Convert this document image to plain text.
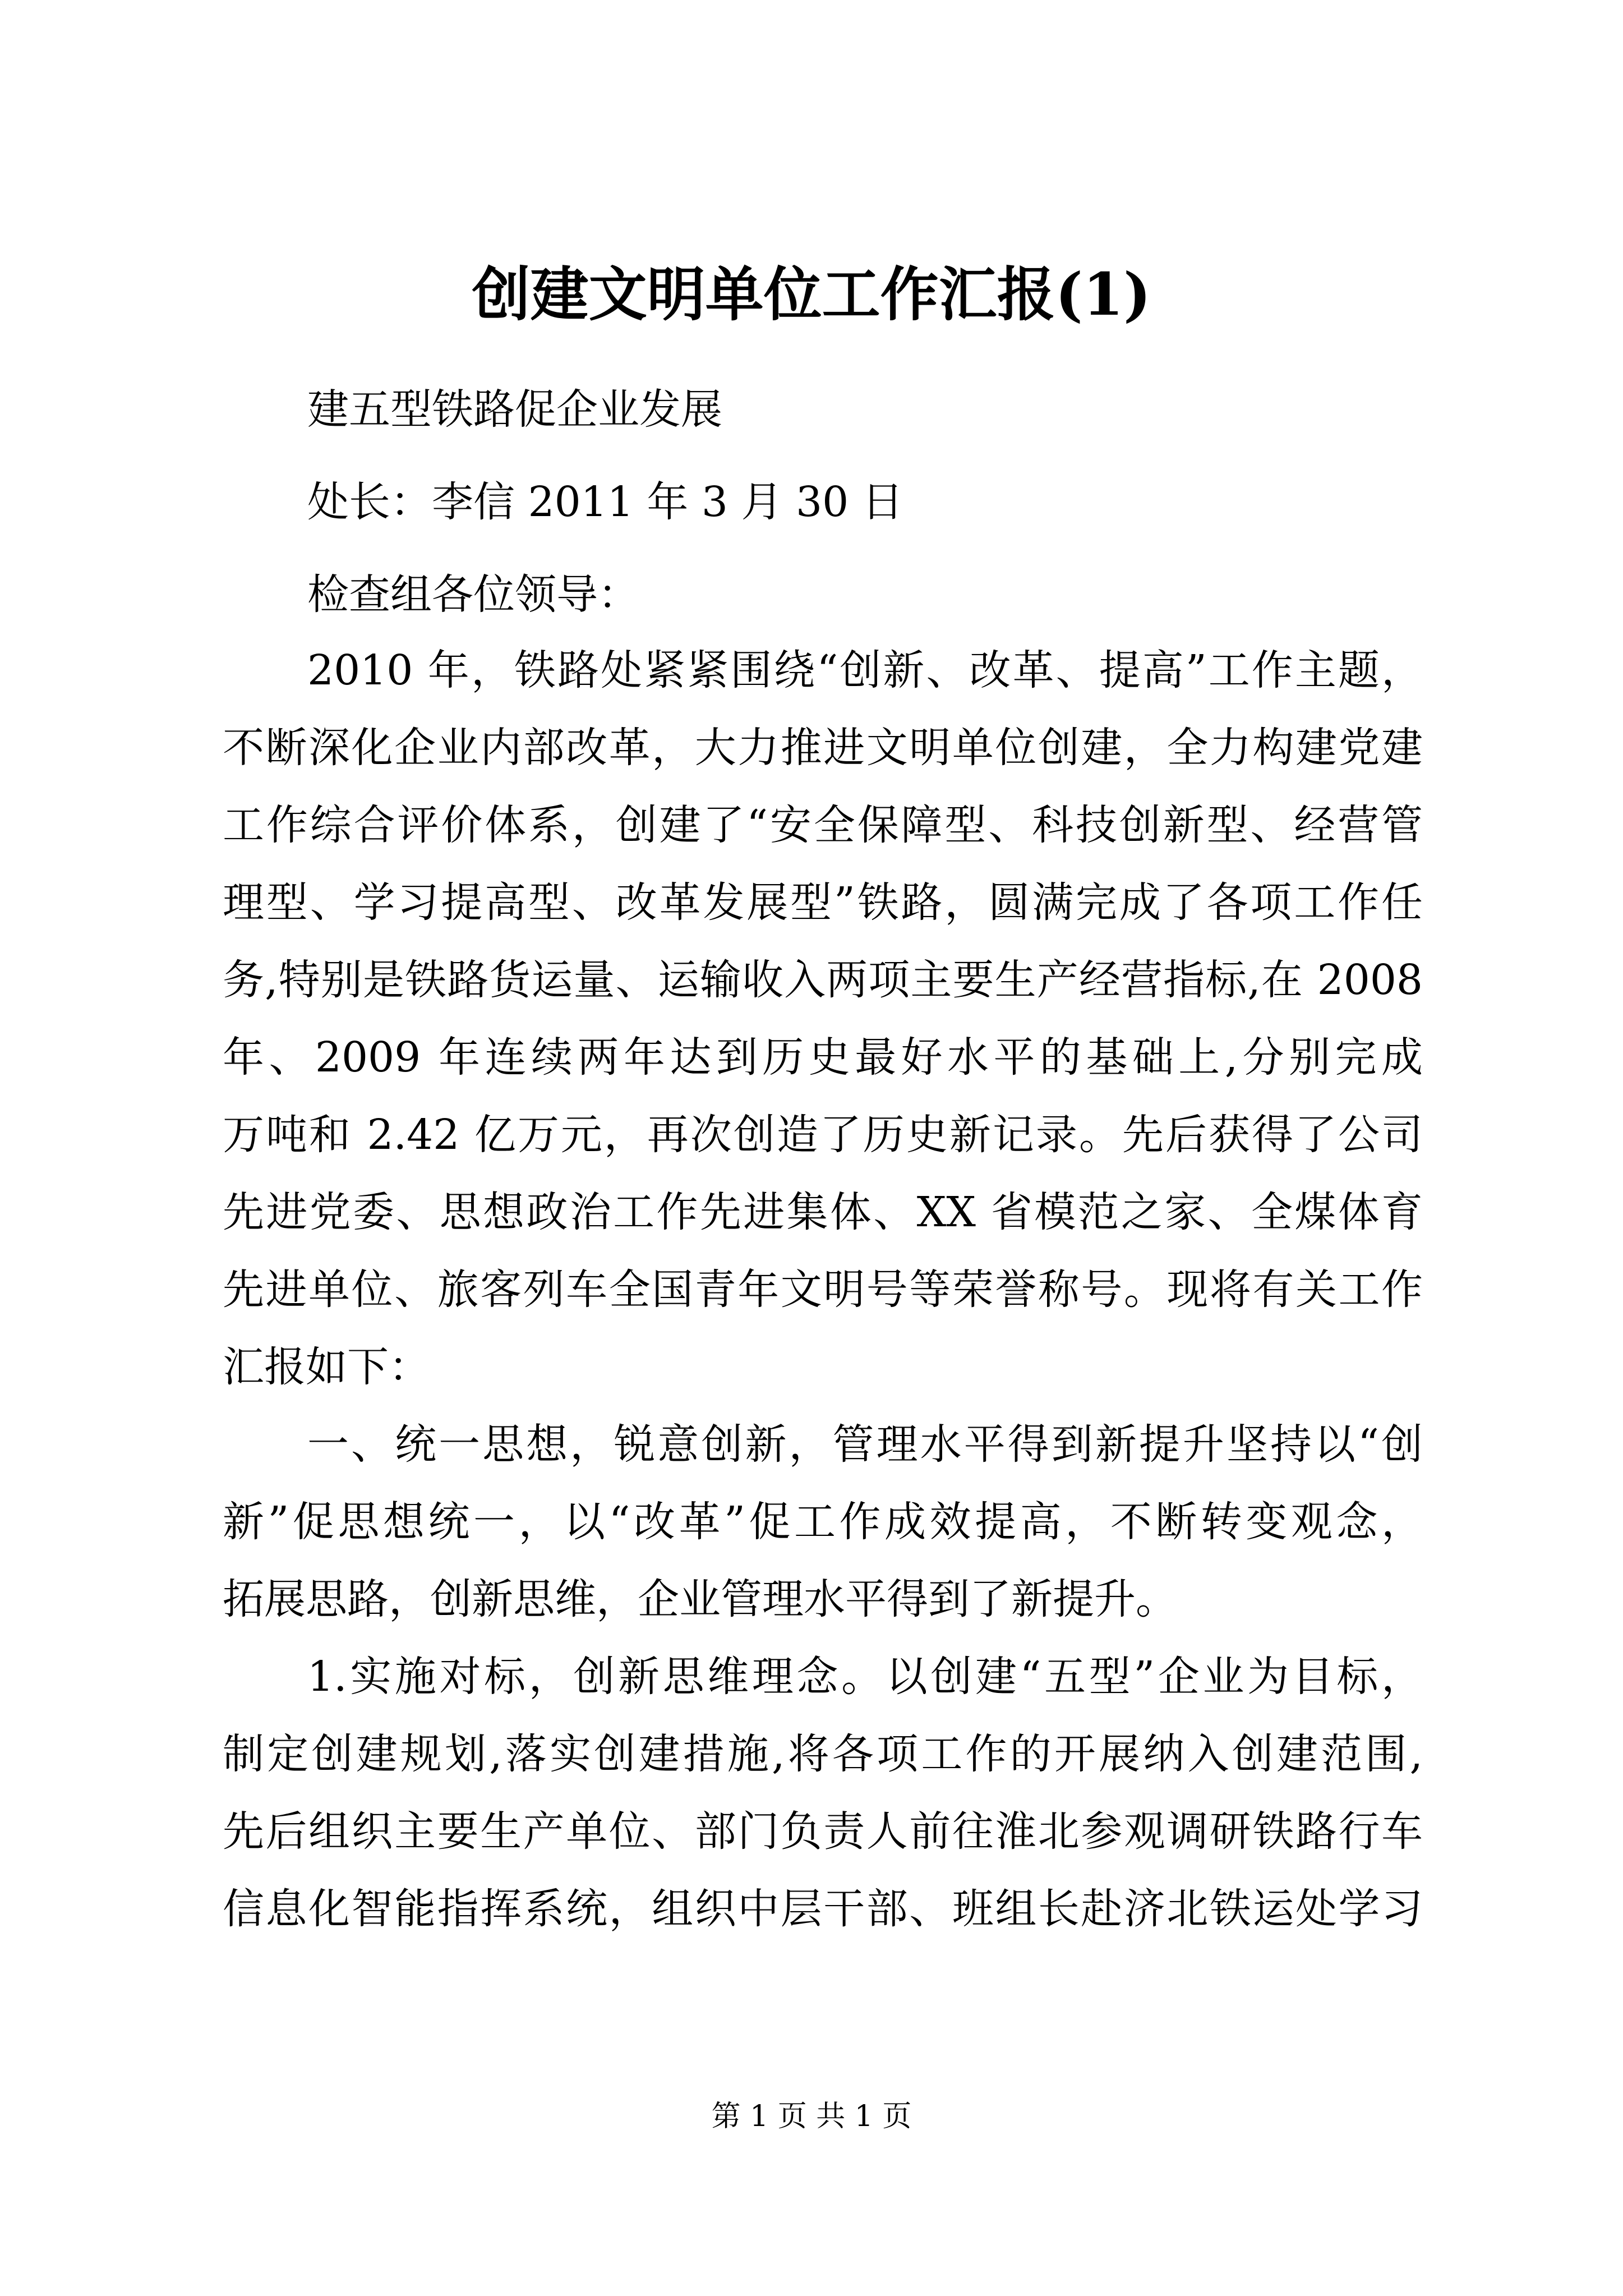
创建文明单位工作汇报(1)
建五型铁路促企业发展
处长：李信 2011 年 3 月 30 日
检查组各位领导：
2010 年，铁路处紧紧围绕“创新、改革、提高”工作主题，
不断深化企业内部改革，大力推进文明单位创建，全力构建党建
工作综合评价体系，创建了“安全保障型、科技创新型、经营管
理型、学习提高型、改革发展型”铁路，圆满完成了各项工作任
务,特别是铁路货运量、运输收入两项主要生产经营指标,在 2008
年、2009 年连续两年达到历史最好水平的基础上,分别完成
万吨和 2.42 亿万元，再次创造了历史新记录。先后获得了公司
先进党委、思想政治工作先进集体、XX 省模范之家、全煤体育
先进单位、旅客列车全国青年文明号等荣誉称号。现将有关工作
汇报如下：
一、统一思想，锐意创新，管理水平得到新提升坚持以“创
新”促思想统一，以“改革”促工作成效提高，不断转变观念，
拓展思路，创新思维，企业管理水平得到了新提升。
1.实施对标，创新思维理念。以创建“五型”企业为目标，
制定创建规划,落实创建措施,将各项工作的开展纳入创建范围,
先后组织主要生产单位、部门负责人前往淮北参观调研铁路行车
信息化智能指挥系统，组织中层干部、班组长赴济北铁运处学习
第 1 页 共 1 页
